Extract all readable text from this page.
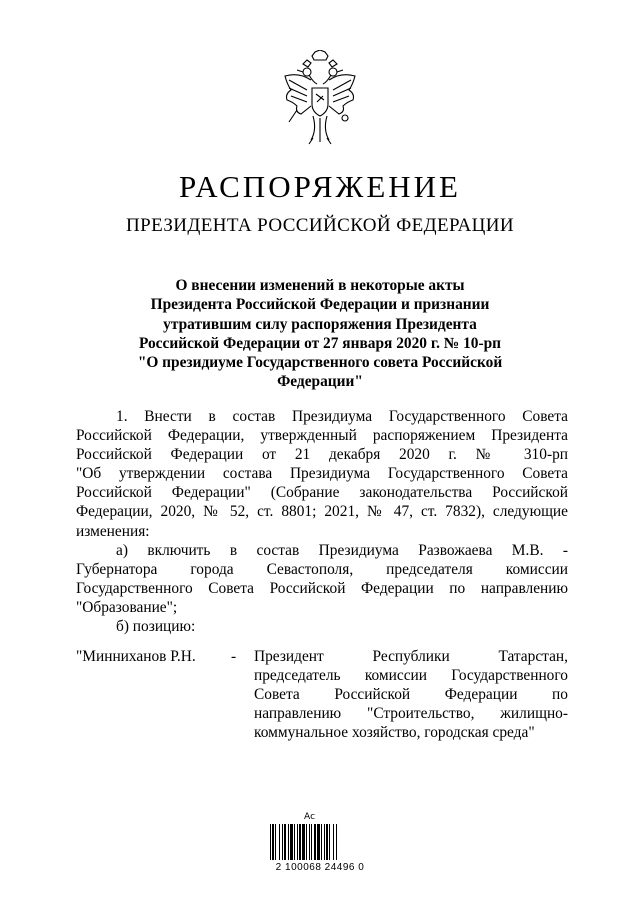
РАСПОРЯЖЕНИЕ
ПРЕЗИДЕНТА РОССИЙСКОЙ ФЕДЕРАЦИИ
О внесении изменений в некоторые акты
Президента Российской Федерации и признании
утратившим силу распоряжения Президента
Российской Федерации от 27 января 2020 г. № 10-рп
"О президиуме Государственного совета Российской
Федерации"
1. Внести в состав Президиума Государственного Совета
Российской Федерации, утвержденный распоряжением Президента
Российской Федерации от 21 декабря 2020 г. № 310-рп
"Об утверждении состава Президиума Государственного Совета
Российской Федерации" (Собрание законодательства Российской
Федерации, 2020, № 52, ст. 8801; 2021, № 47, ст. 7832), следующие
изменения:
а) включить в состав Президиума Развожаева М.В. -
Губернатора города Севастополя, председателя комиссии
Государственного Совета Российской Федерации по направлению
"Образование";
б) позицию:
"Минниханов Р.Н. - Президент Республики Татарстан,
председатель комиссии Государственного
Совета Российской Федерации по
направлению "Строительство, жилищно-
коммунальное хозяйство, городская среда"
Ас
2 100068 24496 0
